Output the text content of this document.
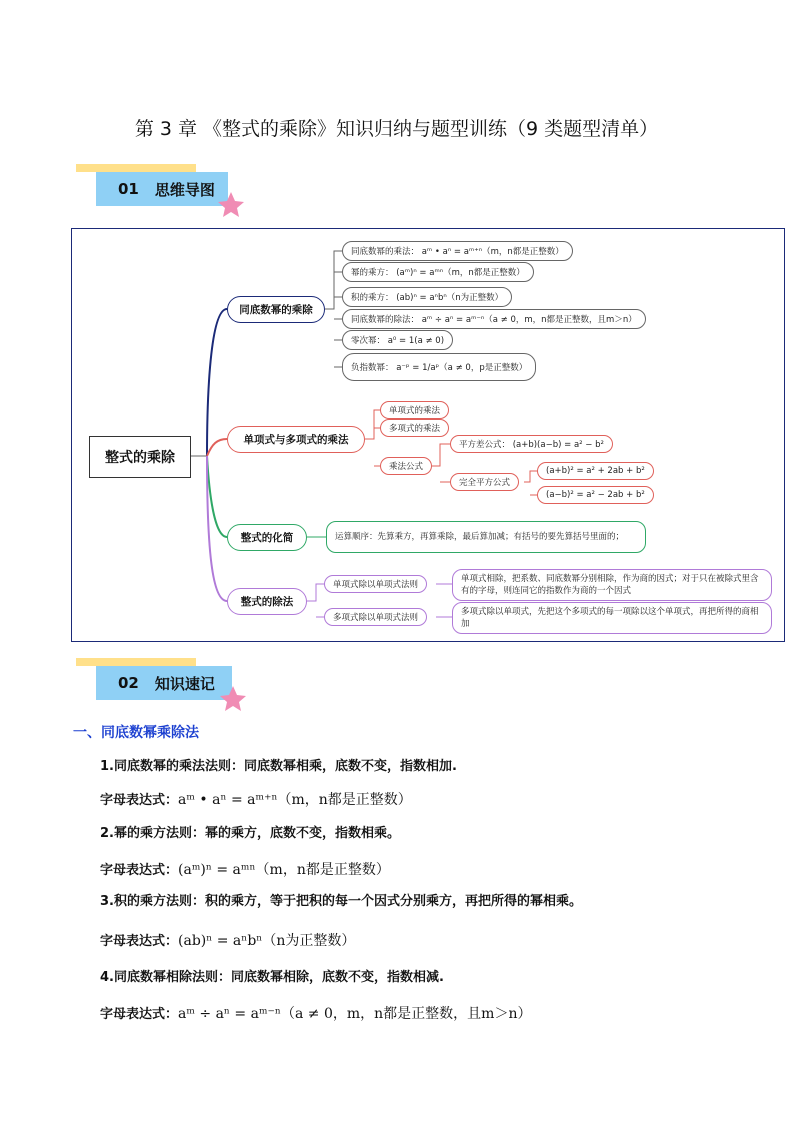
第 3 章 《整式的乘除》知识归纳与题型训练（9 类题型清单）
01 思维导图
整式的乘除
同底数幂的乘除
同底数幂的乘法： aᵐ • aⁿ = aᵐ⁺ⁿ（m，n都是正整数）
幂的乘方： (aᵐ)ⁿ = aᵐⁿ（m，n都是正整数）
积的乘方： (ab)ⁿ = aⁿbⁿ（n为正整数）
同底数幂的除法： aᵐ ÷ aⁿ = aᵐ⁻ⁿ（a ≠ 0，m，n都是正整数，且m＞n）
零次幂： a⁰ = 1(a ≠ 0)
负指数幂： a⁻ᵖ = 1/aᵖ（a ≠ 0，p是正整数）
单项式与多项式的乘法
单项式的乘法
多项式的乘法
乘法公式
平方差公式： (a+b)(a−b) = a² − b²
完全平方公式
(a+b)² = a² + 2ab + b²
(a−b)² = a² − 2ab + b²
整式的化简	运算顺序：先算乘方，再算乘除，最后算加减；有括号的要先算括号里面的；
整式的除法
单项式除以单项式法则
多项式除以单项式法则
单项式相除，把系数、同底数幂分别相除，作为商的因式；对于只在被除式里含有的字母，则连同它的指数作为商的一个因式
多项式除以单项式，先把这个多项式的每一项除以这个单项式，再把所得的商相加
02 知识速记
一、同底数幂乘除法
1.同底数幂的乘法法则：同底数幂相乘，底数不变，指数相加.
字母表达式：aᵐ • aⁿ = aᵐ⁺ⁿ（m，n都是正整数）
2.幂的乘方法则：幂的乘方，底数不变，指数相乘。
字母表达式：(aᵐ)ⁿ = aᵐⁿ（m，n都是正整数）
3.积的乘方法则：积的乘方，等于把积的每一个因式分别乘方，再把所得的幂相乘。
字母表达式：(ab)ⁿ = aⁿbⁿ（n为正整数）
4.同底数幂相除法则：同底数幂相除，底数不变，指数相减.
字母表达式：aᵐ ÷ aⁿ = aᵐ⁻ⁿ（a ≠ 0，m，n都是正整数，且m＞n）
